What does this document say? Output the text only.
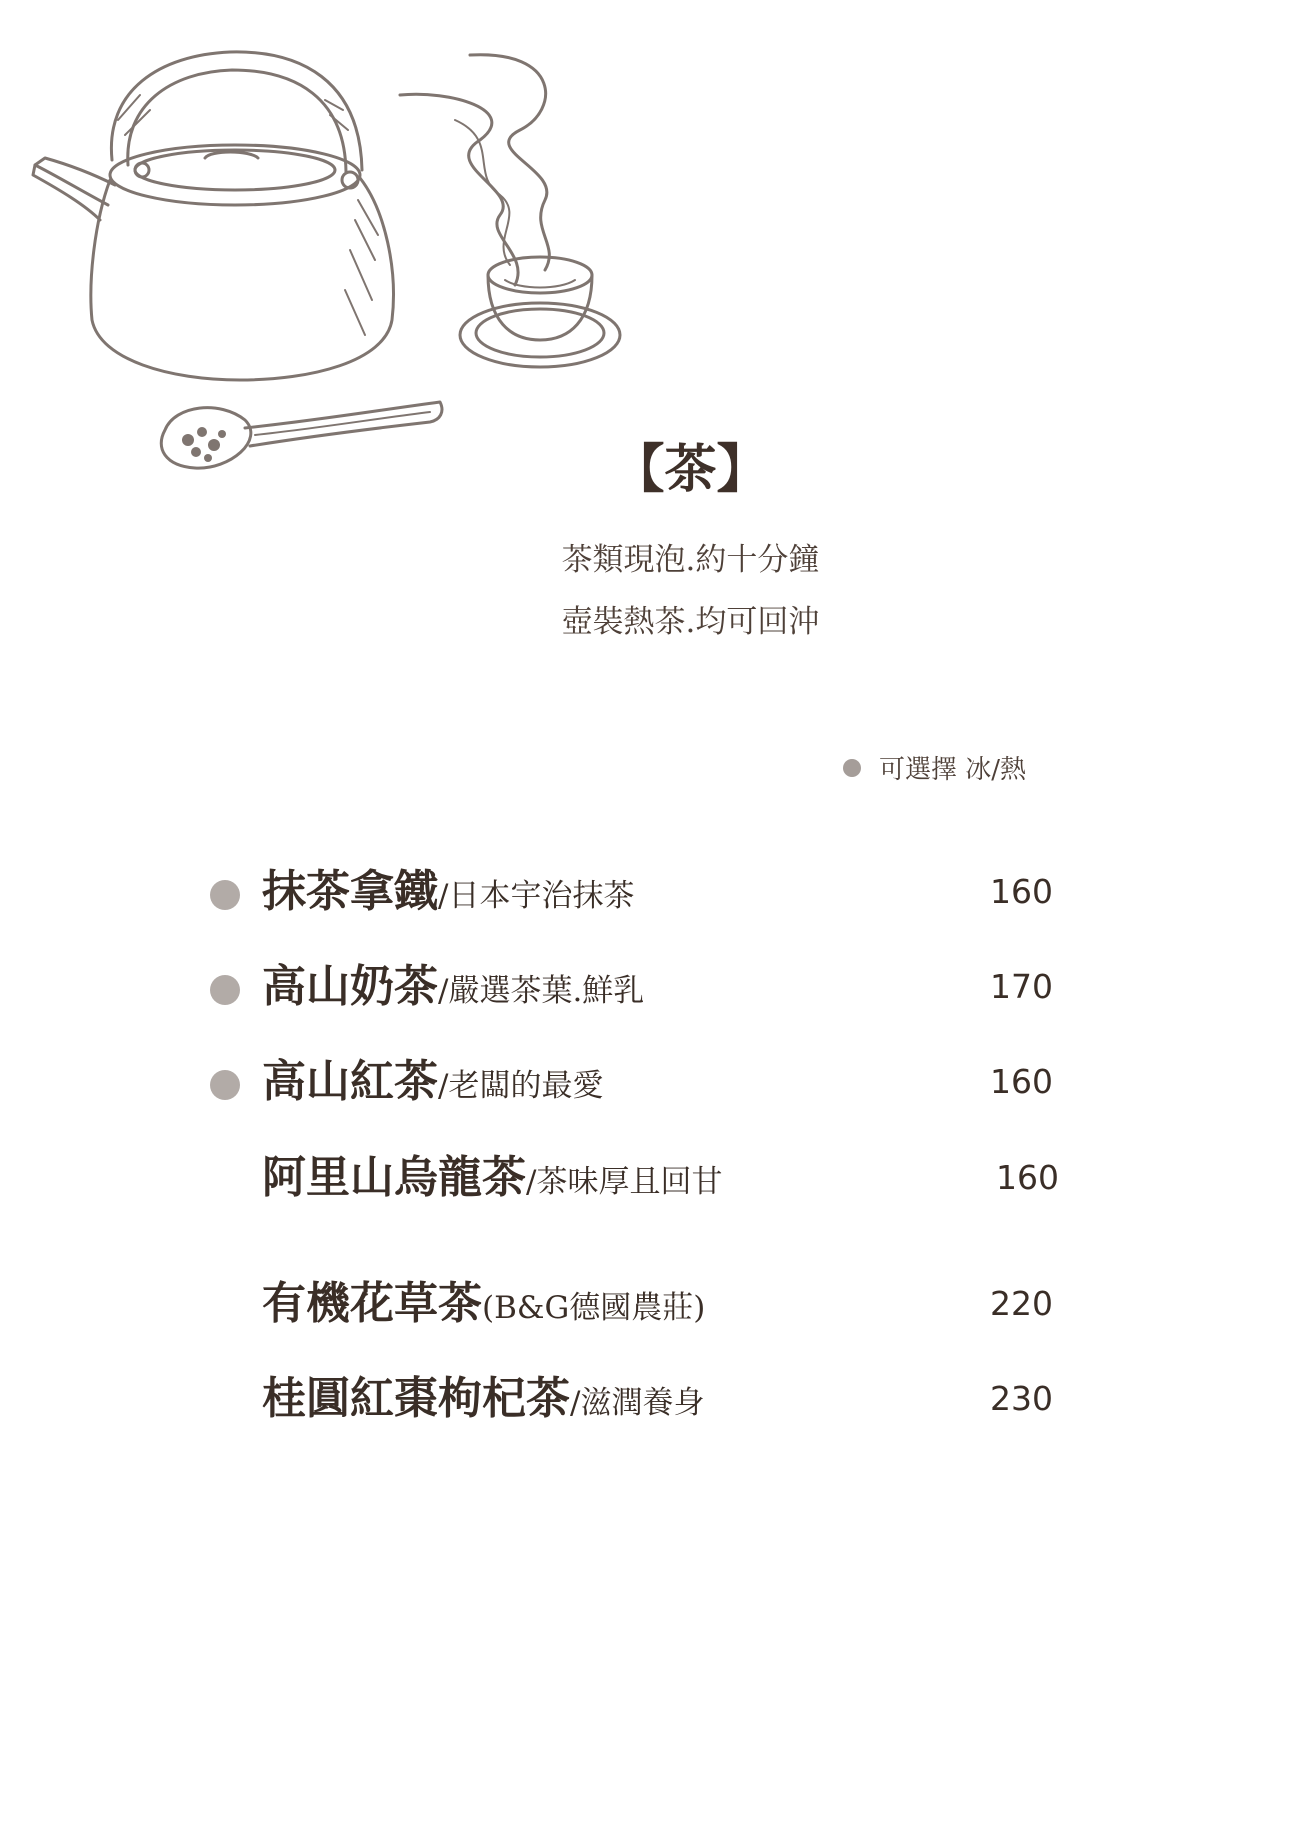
【茶】
茶類現泡.約十分鐘
壺裝熱茶.均可回沖
可選擇 冰/熱
抹茶拿鐵/日本宇治抹茶	160
高山奶茶/嚴選茶葉.鮮乳	170
高山紅茶/老闆的最愛	160
阿里山烏龍茶/茶味厚且回甘	160
有機花草茶(B&G德國農莊)	220
桂圓紅棗枸杞茶/滋潤養身	230
